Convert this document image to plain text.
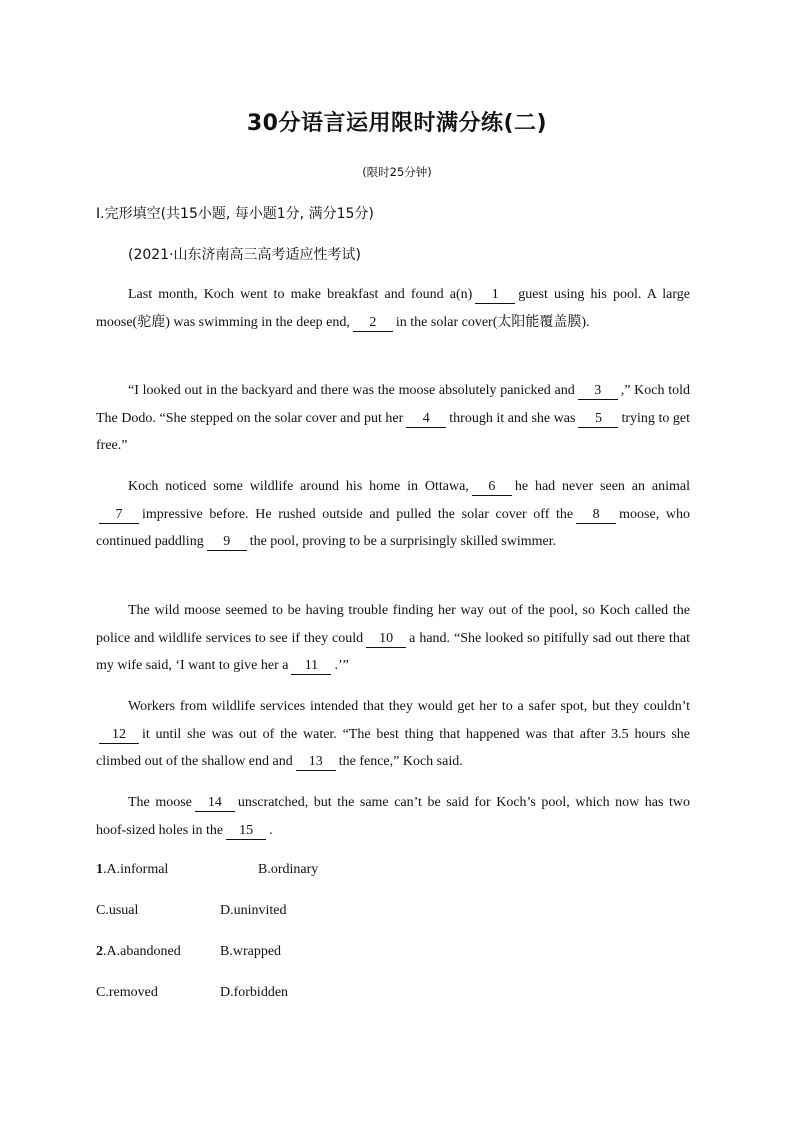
30分语言运用限时满分练(二)
(限时25分钟)
Ⅰ.完形填空(共15小题, 每小题1分, 满分15分)
(2021·山东济南高三高考适应性考试)

Last month, Koch went to make breakfast and found a(n) 1 guest using his pool. A large moose(驼鹿) was swimming in the deep end, 2 in the solar cover(太阳能覆盖膜).

“I looked out in the backyard and there was the moose absolutely panicked and 3 ,” Koch told The Dodo. “She stepped on the solar cover and put her 4 through it and she was 5 trying to get free.”

Koch noticed some wildlife around his home in Ottawa, 6 he had never seen an animal7 impressive before. He rushed outside and pulled the solar cover off the 8 moose, who continued paddling 9 the pool, proving to be a surprisingly skilled swimmer.

The wild moose seemed to be having trouble finding her way out of the pool, so Koch called the police and wildlife services to see if they could 10 a hand. “She looked so pitifully sad out there that my wife said, ‘I want to give her a 11 .’”

Workers from wildlife services intended that they would get her to a safer spot, but they couldn’t12 it until she was out of the water. “The best thing that happened was that after 3.5 hours she climbed out of the shallow end and 13 the fence,” Koch said.

The moose 14 unscratched, but the same can’t be said for Koch’s pool, which now has two hoof-sized holes in the 15 .

1.A.informal	B.ordinary
C.usual	D.uninvited
2.A.abandoned	B.wrapped
C.removed	D.forbidden
